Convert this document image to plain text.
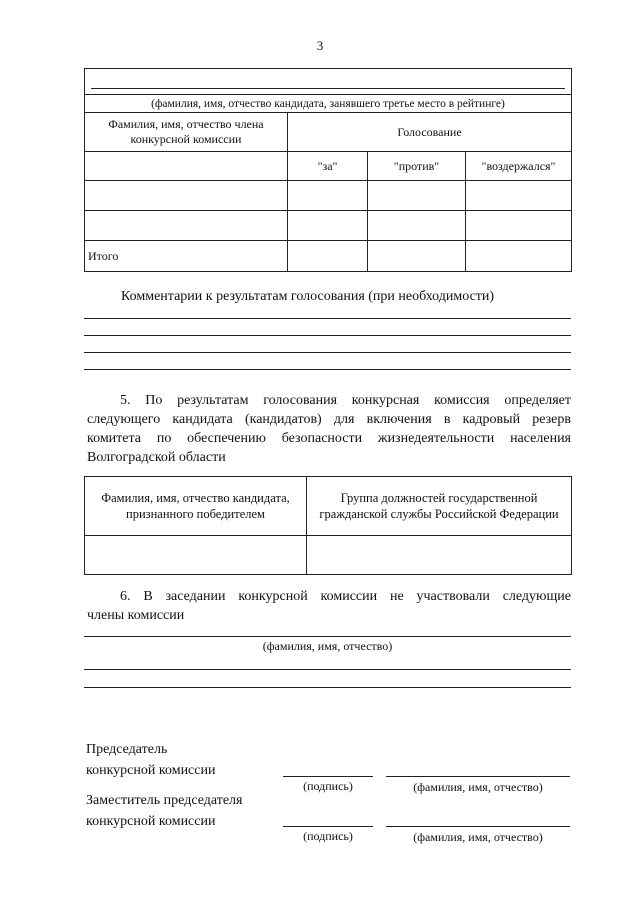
3

(фамилия, имя, отчество кандидата, занявшего третье место в рейтинге)			
Фамилия, имя, отчество члена конкурсной комиссии	Голосование		
	"за"	"против"	"воздержался"

Итого			
Комментарии к результатам голосования (при необходимости)
5. По результатам голосования конкурсная комиссия определяет
следующего кандидата (кандидатов) для включения в кадровый резерв
комитета по обеспечению безопасности жизнедеятельности населения
Волгоградской области
Фамилия, имя, отчество кандидата, признанного победителем	Группа должностей государственной гражданской службы Российской Федерации

6. В заседании конкурсной комиссии не участвовали следующие
члены комиссии
(фамилия, имя, отчество)
Председатель
конкурсной комиссии
(подпись)	(фамилия, имя, отчество)
Заместитель председателя
конкурсной комиссии
(подпись)	(фамилия, имя, отчество)
